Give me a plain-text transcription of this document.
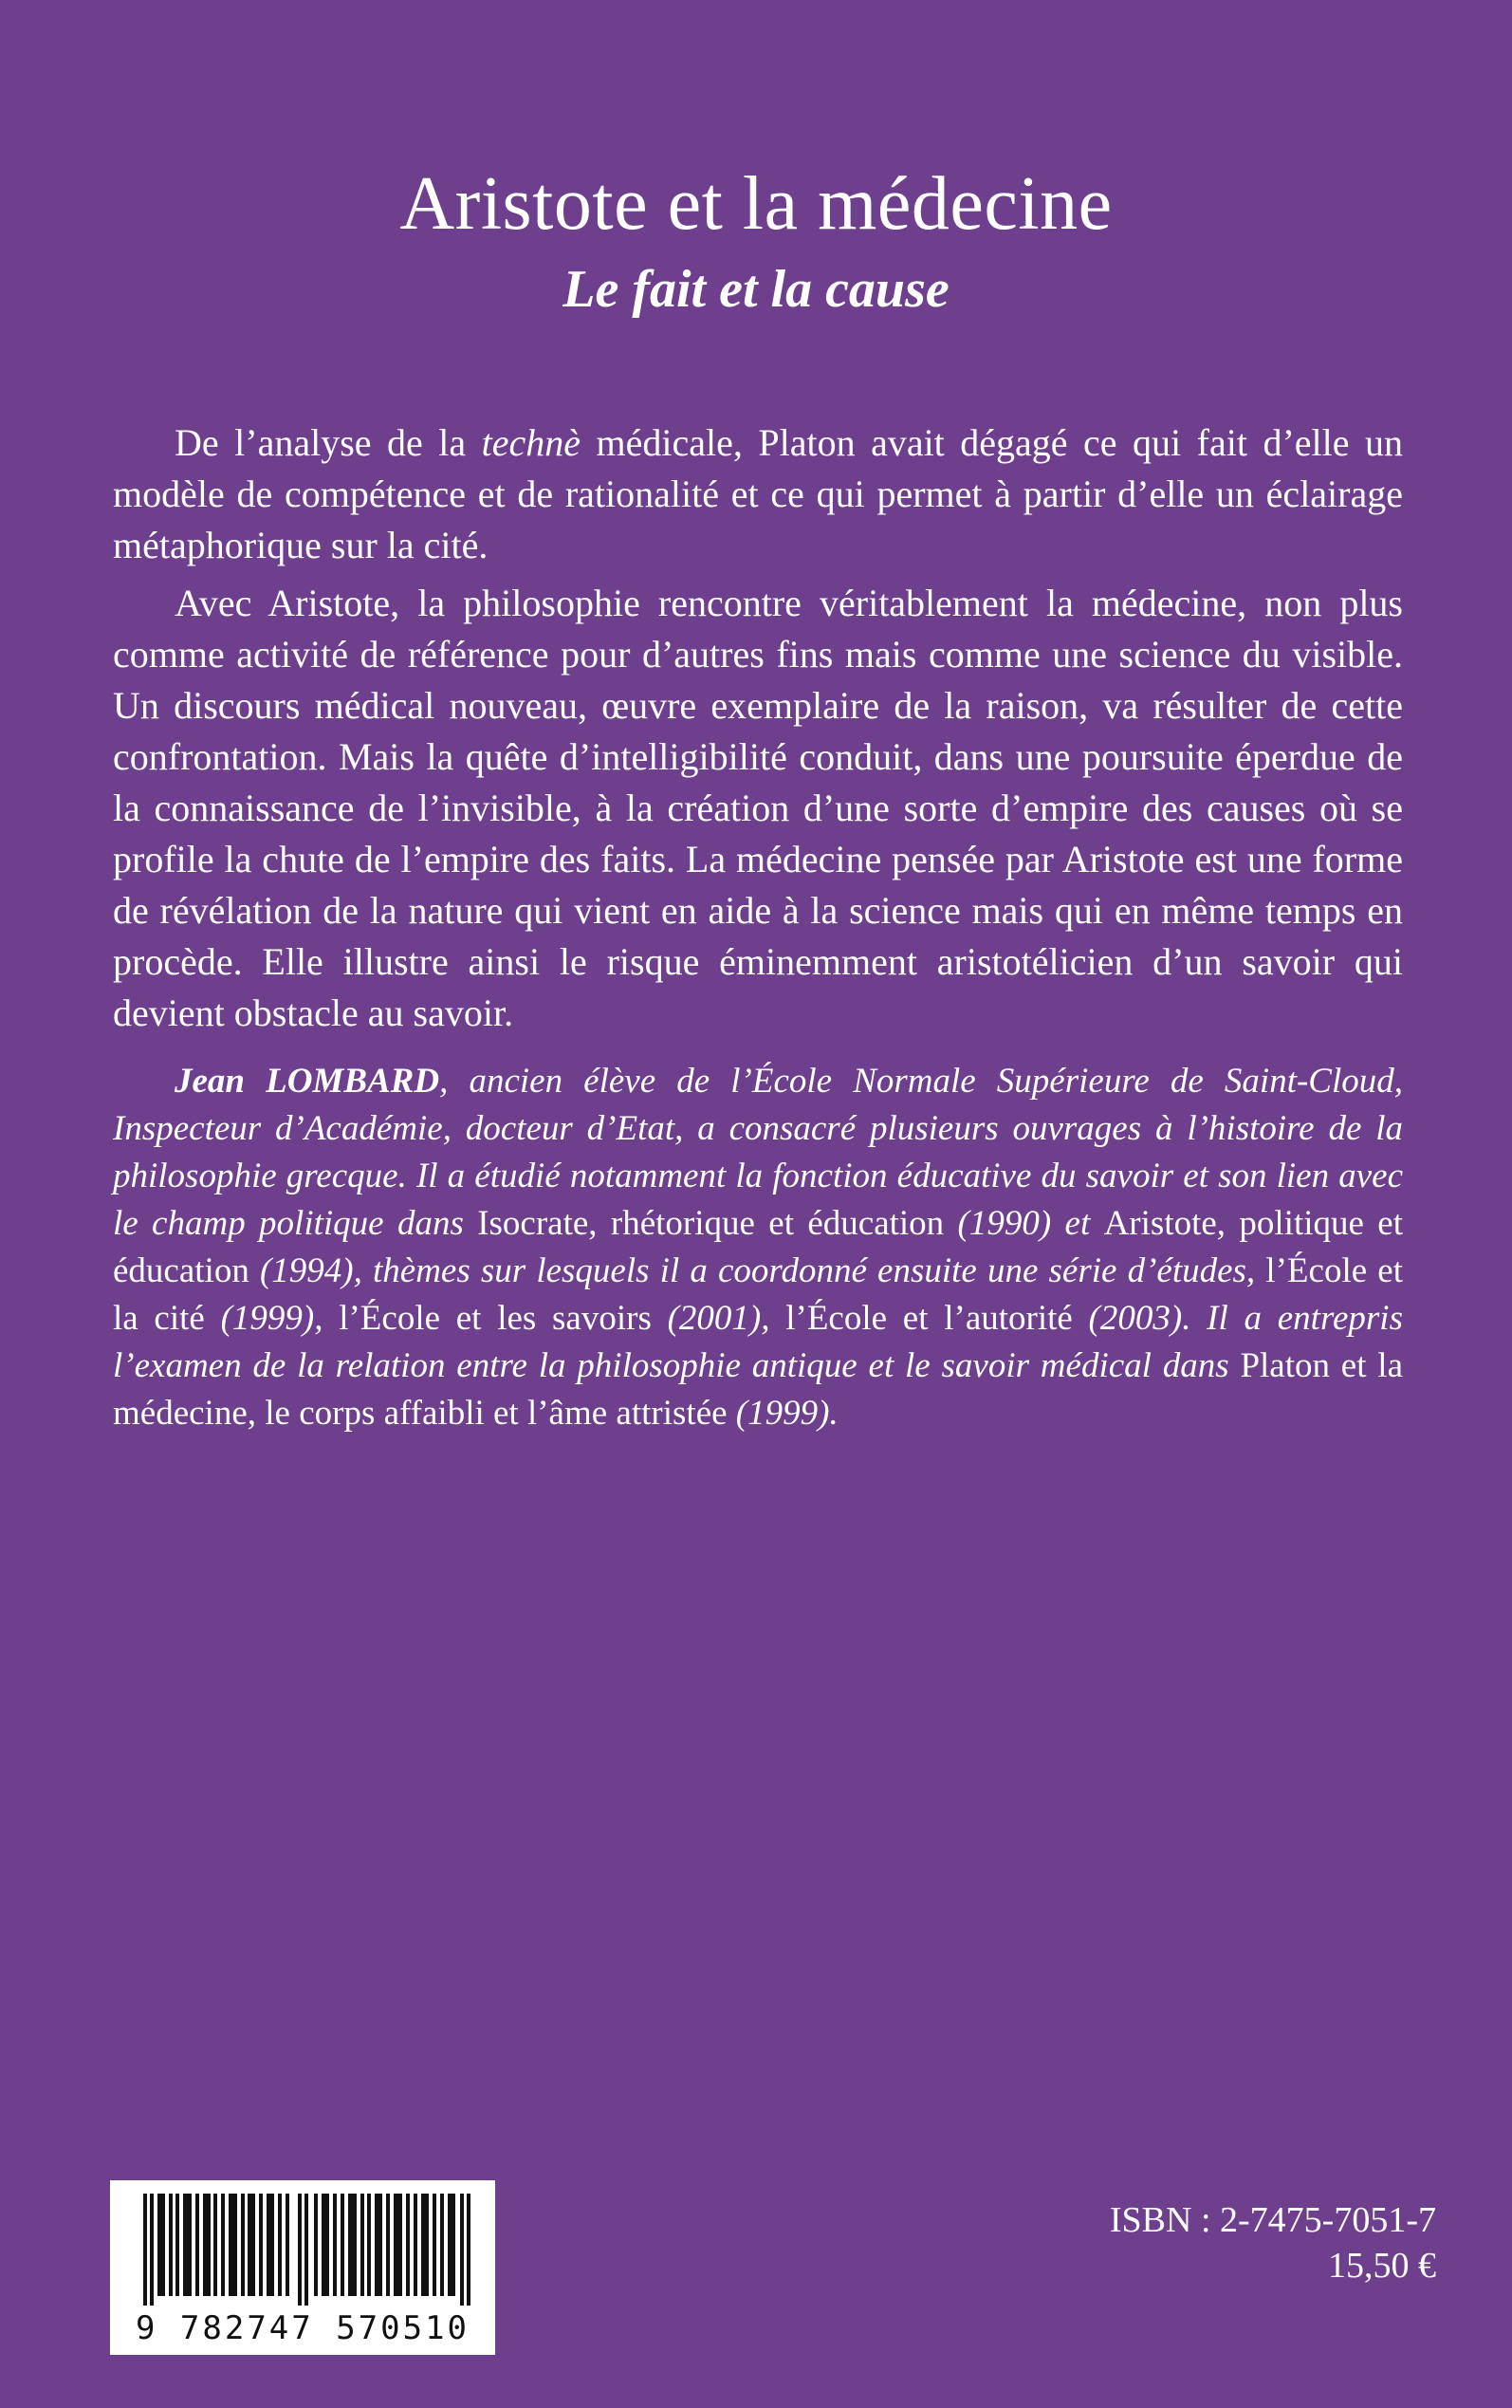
Aristote et la médecine
Le fait et la cause

De l’analyse de la technè médicale, Platon avait dégagé ce qui fait d’elle un modèle de compétence et de rationalité et ce qui permet à partir d’elle un éclairage métaphorique sur la cité.

Avec Aristote, la philosophie rencontre véritablement la médecine, non plus comme activité de référence pour d’autres fins mais comme une science du visible. Un discours médical nouveau, œuvre exemplaire de la raison, va résulter de cette confrontation. Mais la quête d’intelligibilité conduit, dans une poursuite éperdue de la connaissance de l’invisible, à la création d’une sorte d’empire des causes où se profile la chute de l’empire des faits. La médecine pensée par Aristote est une forme de révélation de la nature qui vient en aide à la science mais qui en même temps en procède. Elle illustre ainsi le risque éminemment aristotélicien d’un savoir qui devient obstacle au savoir.

Jean LOMBARD, ancien élève de l’École Normale Supérieure de Saint-Cloud, Inspecteur d’Académie, docteur d’Etat, a consacré plusieurs ouvrages à l’histoire de la philosophie grecque. Il a étudié notamment la fonction éducative du savoir et son lien avec le champ politique dans Isocrate, rhétorique et éducation (1990) et Aristote, politique et éducation (1994), thèmes sur lesquels il a coordonné ensuite une série d’études, l’École et la cité (1999), l’École et les savoirs (2001), l’École et l’autorité (2003). Il a entrepris l’examen de la relation entre la philosophie antique et le savoir médical dans Platon et la médecine, le corps affaibli et l’âme attristée (1999).

9 782747 570510
ISBN : 2-7475-7051-7
15,50 €
